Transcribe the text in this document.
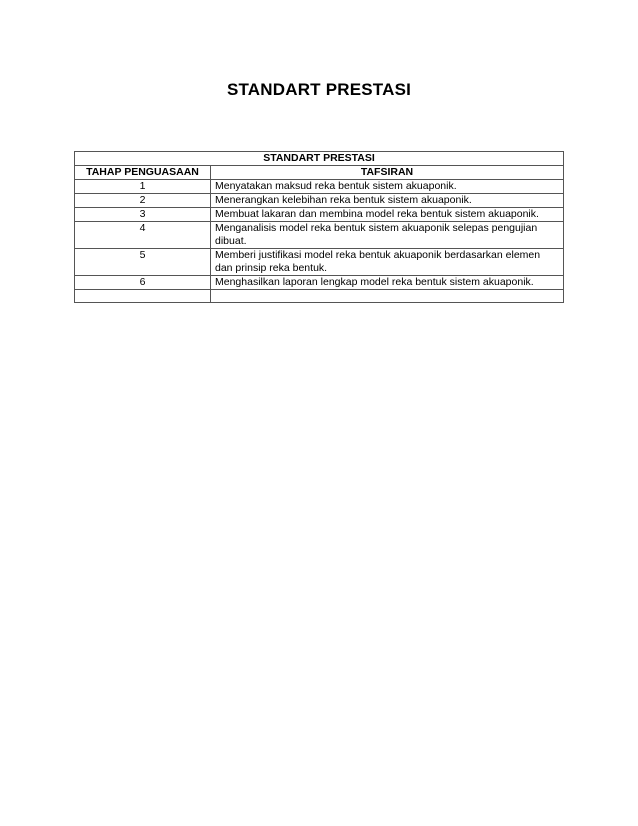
STANDART PRESTASI
STANDART PRESTASI	
TAHAP PENGUASAAN	TAFSIRAN
1	Menyatakan maksud reka bentuk sistem akuaponik.
2	Menerangkan kelebihan reka bentuk sistem akuaponik.
3	Membuat lakaran dan membina model reka bentuk sistem akuaponik.
4	Menganalisis model reka bentuk sistem akuaponik selepas pengujian dibuat.
5	Memberi justifikasi model reka bentuk akuaponik berdasarkan elemen dan prinsip reka bentuk.
6	Menghasilkan laporan lengkap model reka bentuk sistem akuaponik.
